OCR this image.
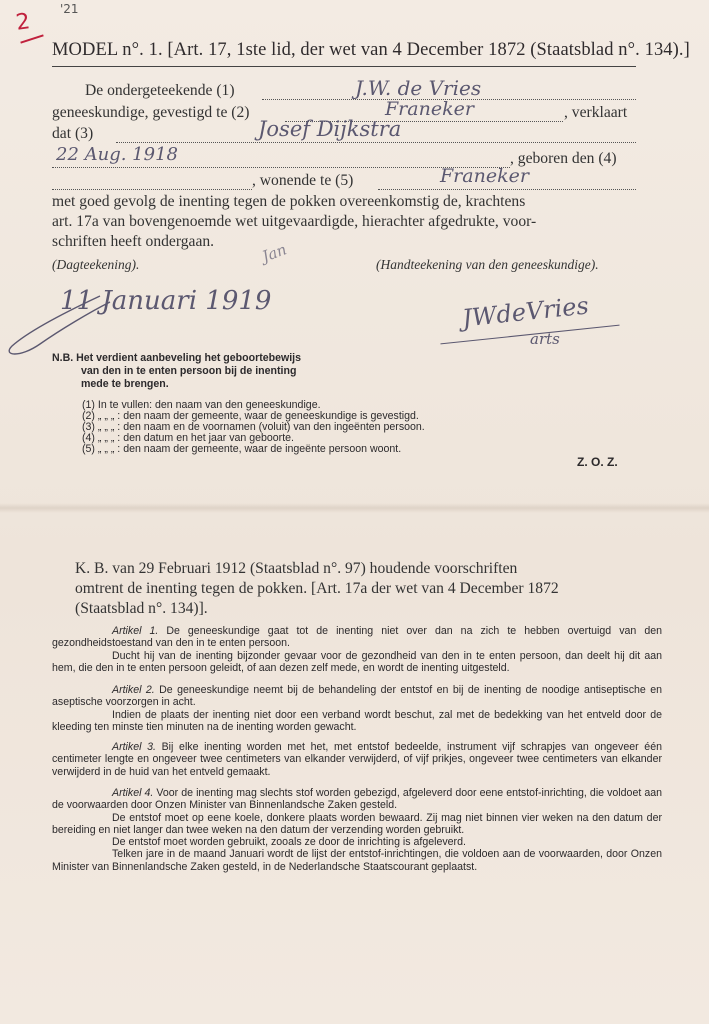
2
'21
MODEL n°. 1. [Art. 17, 1ste lid, der wet van 4 December 1872 (Staatsblad n°. 134).]
De ondergeteekende (1)	J.W. de Vries
geneeskundige, gevestigd te (2)	Franeker	, verklaart
dat (3)	Josef Dijkstra
, geboren den (4)
22 Aug. 1918
, wonende te (5)	Franeker
met goed gevolg de inenting tegen de pokken overeenkomstig de, krachtens
art. 17a van bovengenoemde wet uitgevaardigde, hierachter afgedrukte, voor-
schriften heeft ondergaan.
(Dagteekening).	(Handteekening van den geneeskundige).
Jan
11 Januari 1919	JWdeVries
arts
N.B. Het verdient aanbeveling het geboortebewijs
van den in te enten persoon bij de inenting
mede te brengen.
(1) In te vullen: den naam van den geneeskundige.
(2) „ „ „ : den naam der gemeente, waar de geneeskundige is gevestigd.
(3) „ „ „ : den naam en de voornamen (voluit) van den ingeënten persoon.
(4) „ „ „ : den datum en het jaar van geboorte.
(5) „ „ „ : den naam der gemeente, waar de ingeënte persoon woont.
Z. O. Z.
K. B. van 29 Februari 1912 (Staatsblad n°. 97) houdende voorschriften
omtrent de inenting tegen de pokken. [Art. 17a der wet van 4 December 1872
(Staatsblad n°. 134)].

Artikel 1. De geneeskundige gaat tot de inenting niet over dan na zich te hebben overtuigd van den gezondheidstoestand van den in te enten persoon.

Ducht hij van de inenting bijzonder gevaar voor de gezondheid van den in te enten persoon, dan deelt hij dit aan hem, die den in te enten persoon geleidt, of aan dezen zelf mede, en wordt de inenting uitgesteld.

Artikel 2. De geneeskundige neemt bij de behandeling der entstof en bij de inenting de noodige antiseptische en aseptische voorzorgen in acht.

Indien de plaats der inenting niet door een verband wordt beschut, zal met de bedekking van het entveld door de kleeding ten minste tien minuten na de inenting worden gewacht.

Artikel 3. Bij elke inenting worden met het, met entstof bedeelde, instrument vijf schrapjes van ongeveer één centimeter lengte en ongeveer twee centimeters van elkander verwijderd, of vijf prikjes, ongeveer twee centimeters van elkander verwijderd in de huid van het entveld gemaakt.

Artikel 4. Voor de inenting mag slechts stof worden gebezigd, afgeleverd door eene entstof-inrichting, die voldoet aan de voorwaarden door Onzen Minister van Binnenlandsche Zaken gesteld.

De entstof moet op eene koele, donkere plaats worden bewaard. Zij mag niet binnen vier weken na den datum der bereiding en niet langer dan twee weken na den datum der verzending worden gebruikt.

De entstof moet worden gebruikt, zooals ze door de inrichting is afgeleverd.

Telken jare in de maand Januari wordt de lijst der entstof-inrichtingen, die voldoen aan de voorwaarden, door Onzen Minister van Binnenlandsche Zaken gesteld, in de Nederlandsche Staatscourant geplaatst.
